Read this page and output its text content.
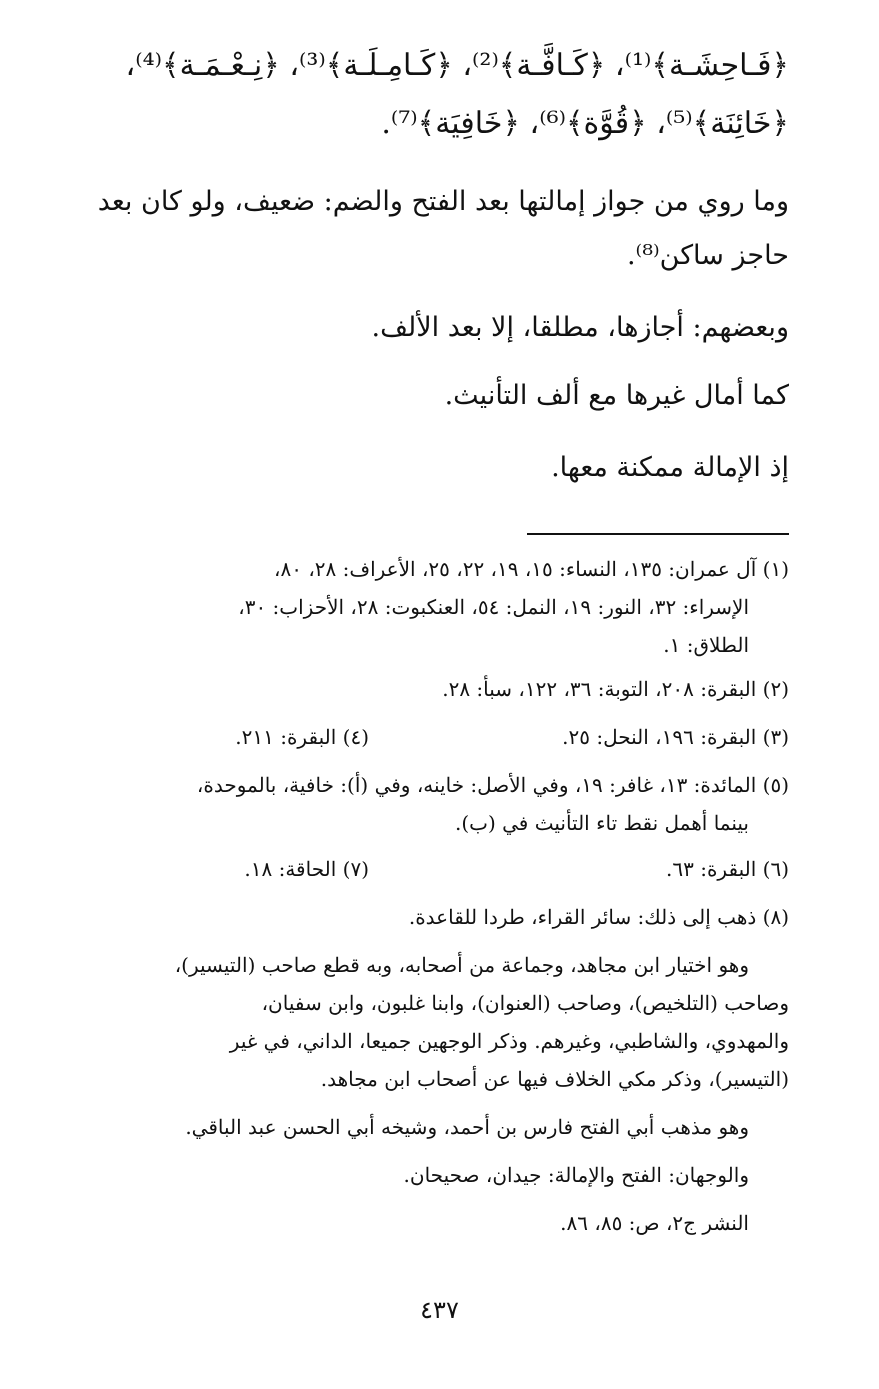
﴿فَـاحِشَـة﴾⁽¹⁾، ﴿كَـافَّـة﴾⁽²⁾، ﴿كَـامِـلَـة﴾⁽³⁾، ﴿نِـعْـمَـة﴾⁽⁴⁾،
﴿خَائِنَة﴾⁽⁵⁾، ﴿قُوَّة﴾⁽⁶⁾، ﴿خَافِيَة﴾⁽⁷⁾.
وما روي من جواز إمالتها بعد الفتح والضم: ضعيف، ولو كان بعد
حاجز ساكن⁽⁸⁾.
وبعضهم: أجازها، مطلقا، إلا بعد الألف.
كما أمال غيرها مع ألف التأنيث.
إذ الإمالة ممكنة معها.
(١) آل عمران: ١٣٥، النساء: ١٥، ١٩، ٢٢، ٢٥، الأعراف: ٢٨، ٨٠،
الإسراء: ٣٢، النور: ١٩، النمل: ٥٤، العنكبوت: ٢٨، الأحزاب: ٣٠،
الطلاق: ١.
(٢) البقرة: ٢٠٨، التوبة: ٣٦، ١٢٢، سبأ: ٢٨.
(٣) البقرة: ١٩٦، النحل: ٢٥.
(٤) البقرة: ٢١١.
(٥) المائدة: ١٣، غافر: ١٩، وفي الأصل: خاينه، وفي (أ): خافية، بالموحدة،
بينما أهمل نقط تاء التأنيث في (ب).
(٦) البقرة: ٦٣.
(٧) الحاقة: ١٨.
(٨) ذهب إلى ذلك: سائر القراء، طردا للقاعدة.
وهو اختيار ابن مجاهد، وجماعة من أصحابه، وبه قطع صاحب (التيسير)،
وصاحب (التلخيص)، وصاحب (العنوان)، وابنا غلبون، وابن سفيان،
والمهدوي، والشاطبي، وغيرهم. وذكر الوجهين جميعا، الداني، في غير
(التيسير)، وذكر مكي الخلاف فيها عن أصحاب ابن مجاهد.
وهو مذهب أبي الفتح فارس بن أحمد، وشيخه أبي الحسن عبد الباقي.
والوجهان: الفتح والإمالة: جيدان، صحيحان.
النشر ج٢، ص: ٨٥، ٨٦.
٤٣٧
